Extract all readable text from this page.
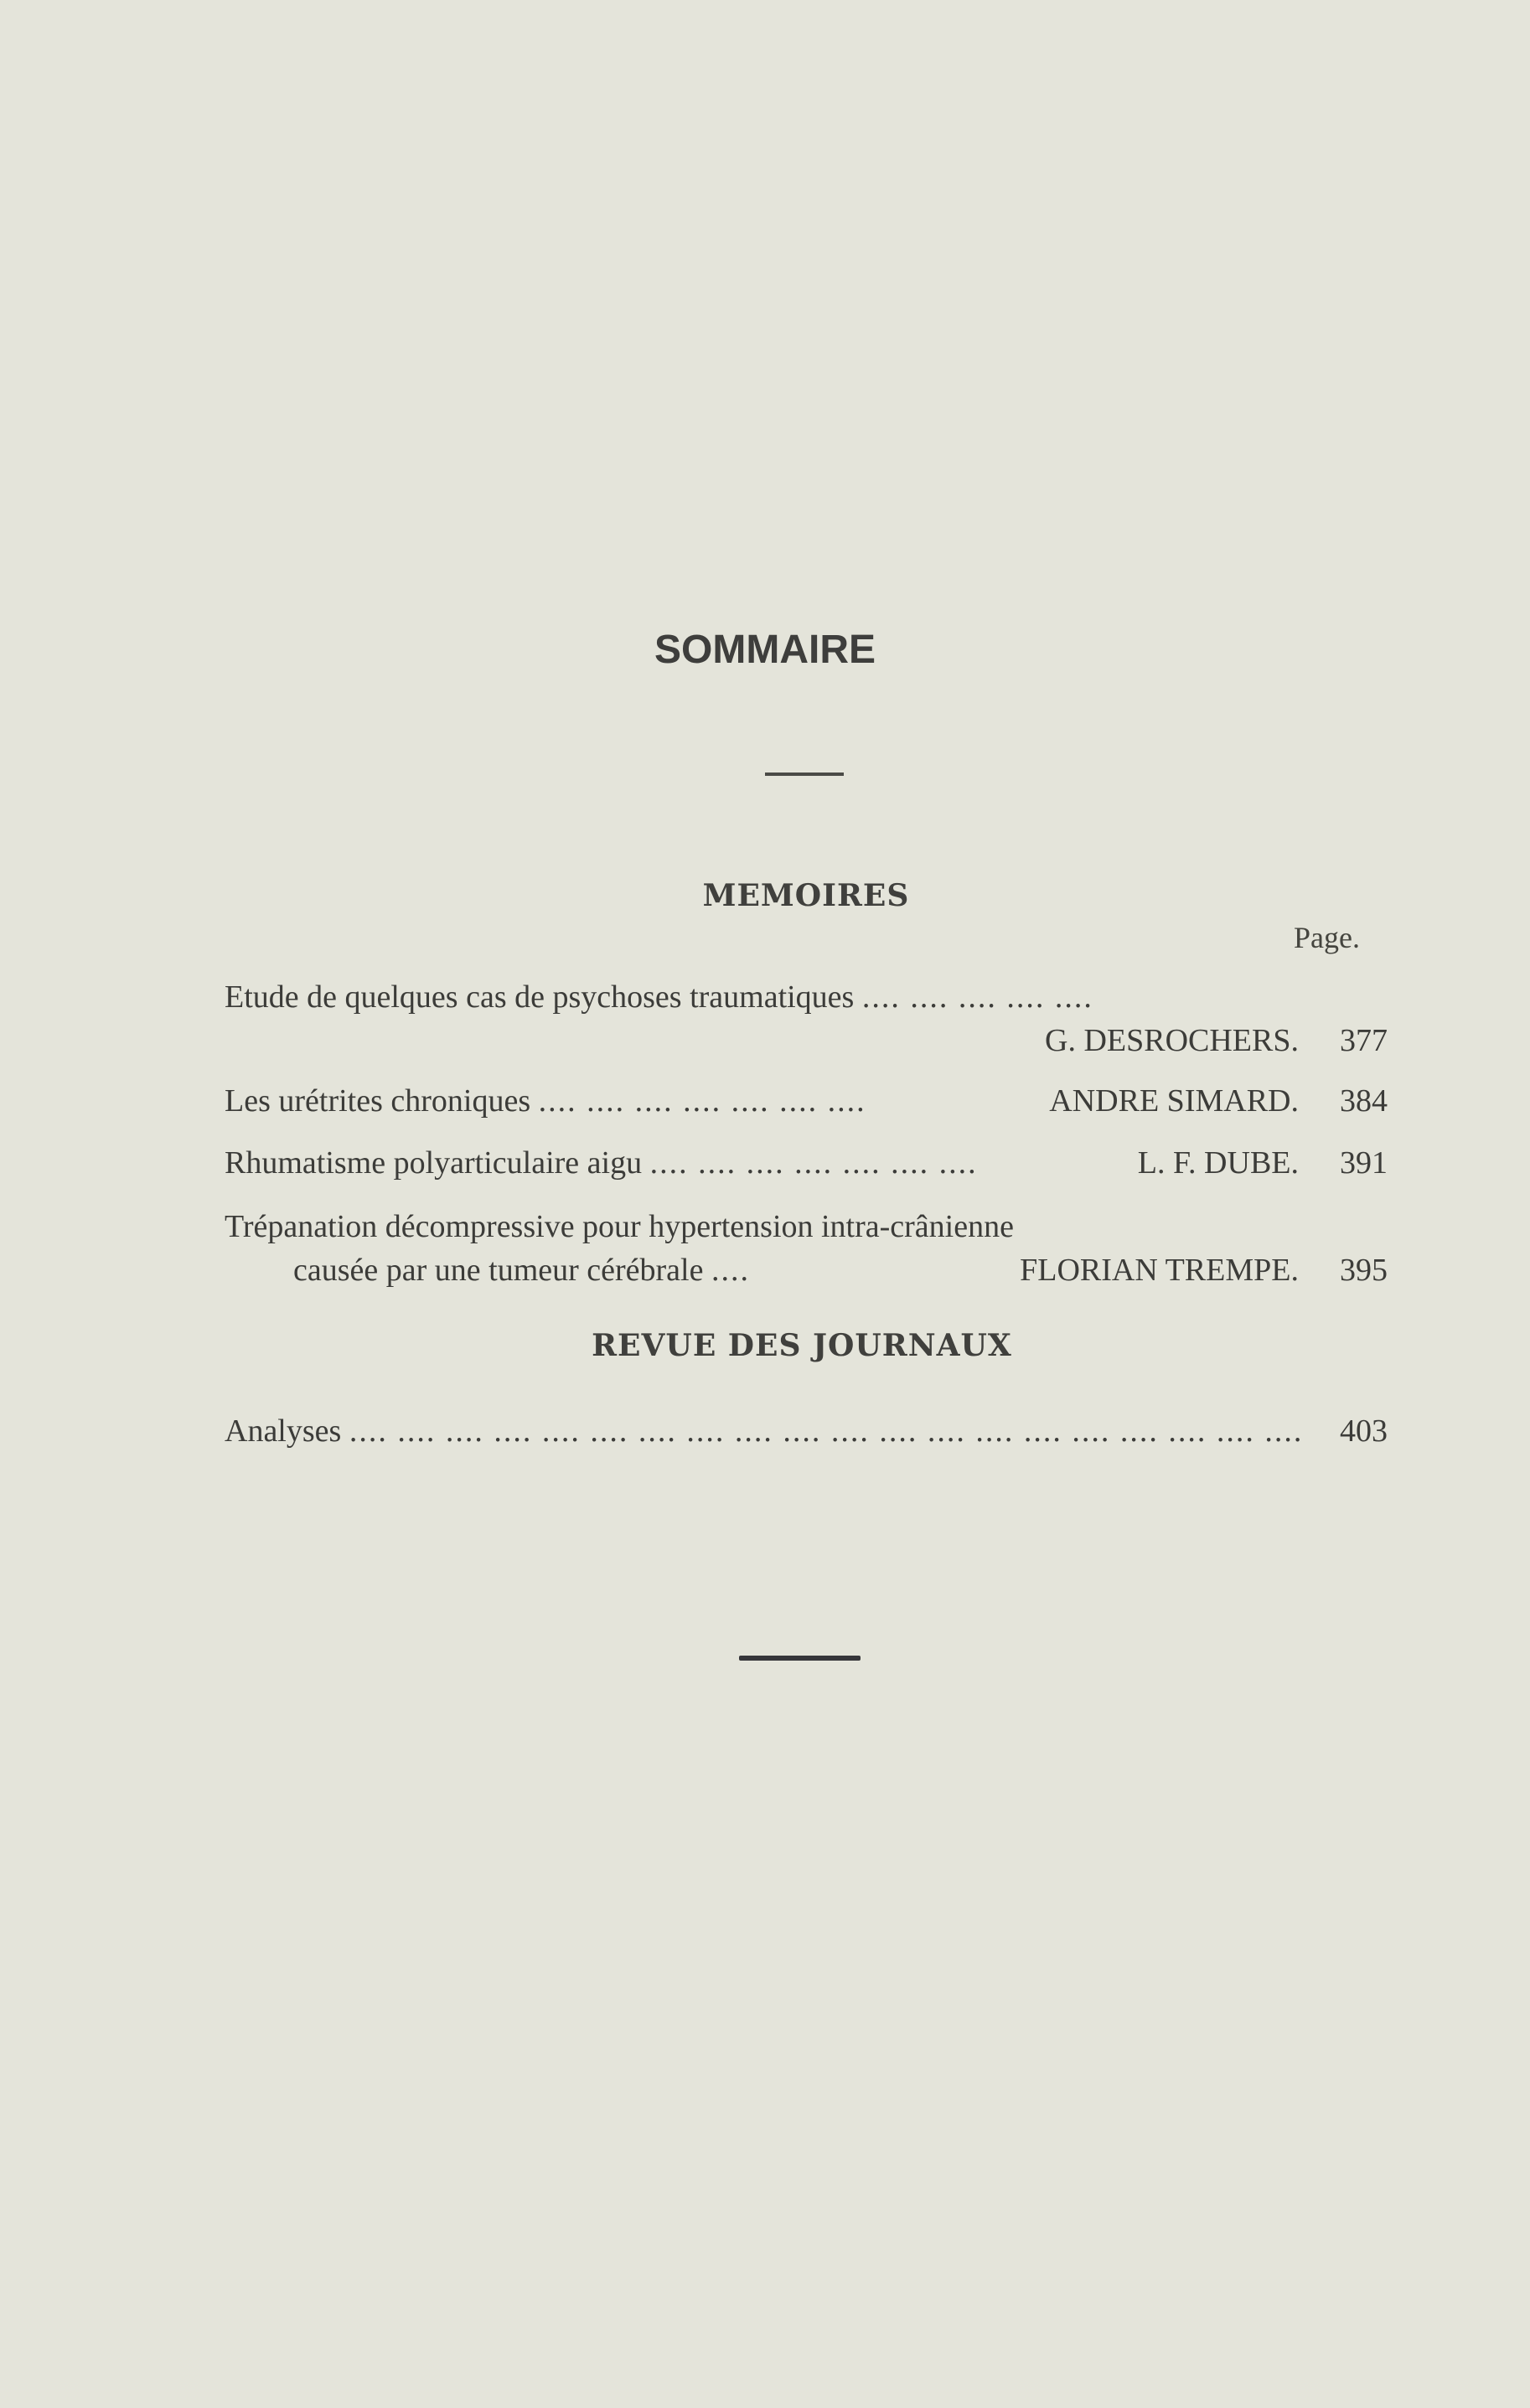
SOMMAIRE
MEMOIRES
Page.
Etude de quelques cas de psychoses traumatiques .... .... .... .... ....
G. DESROCHERS. 377
Les urétrites chroniques .... .... .... .... .... .... ....	ANDRE SIMARD. 384
Rhumatisme polyarticulaire aigu .... .... .... .... .... .... ....	L. F. DUBE. 391
Trépanation décompressive pour hypertension intra-crânienne
causée par une tumeur cérébrale ....	FLORIAN TREMPE. 395
REVUE DES JOURNAUX
Analyses .... .... .... .... .... .... .... .... .... .... .... .... .... .... .... .... .... .... .... ....	403
